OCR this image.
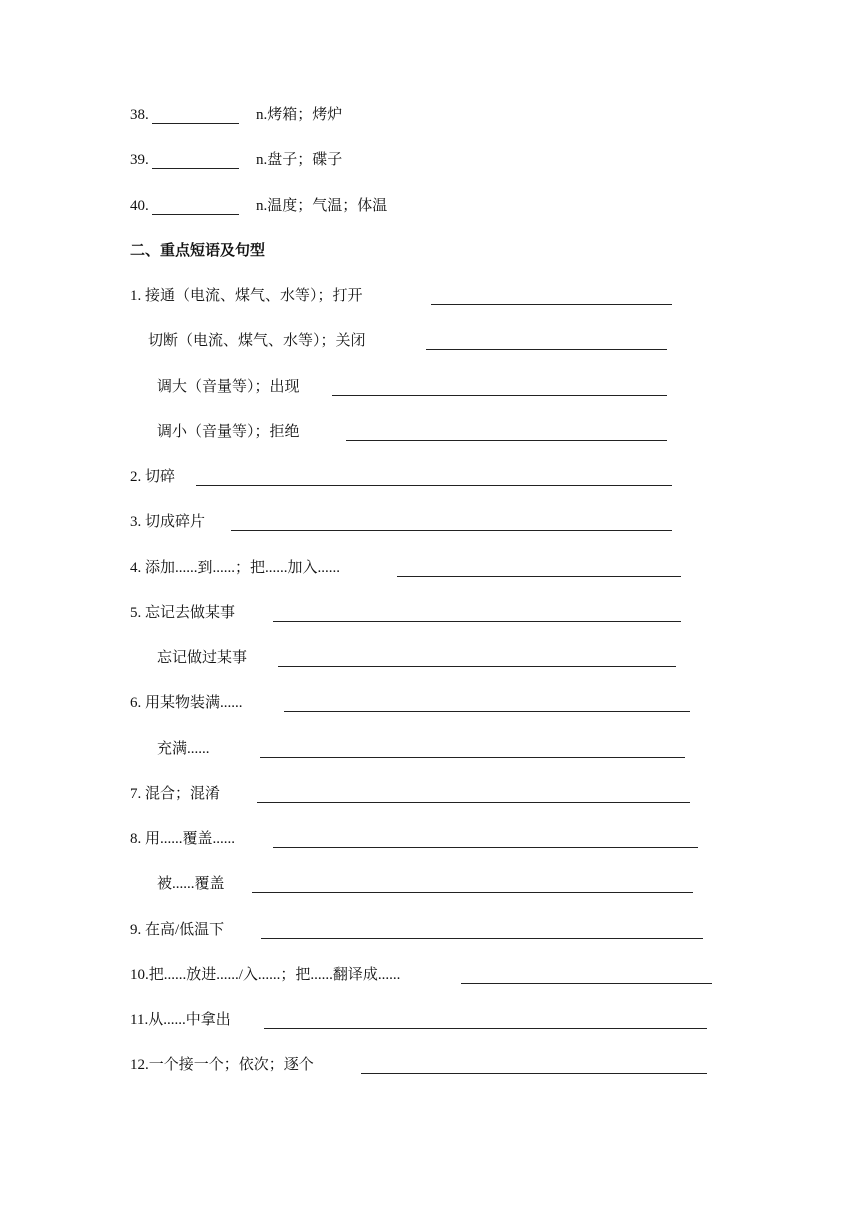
38.	n.烤箱；烤炉
39.	n.盘子；碟子
40.	n.温度；气温；体温
二、重点短语及句型
1. 接通（电流、煤气、水等）；打开
切断（电流、煤气、水等）；关闭
调大（音量等）；出现
调小（音量等）；拒绝
2. 切碎
3. 切成碎片
4. 添加......到......；把......加入......
5. 忘记去做某事
忘记做过某事
6. 用某物装满......
充满......
7. 混合；混淆
8. 用......覆盖......
被......覆盖
9. 在高/低温下
10.把......放进....../入......；把......翻译成......
11.从......中拿出
12.一个接一个；依次；逐个
